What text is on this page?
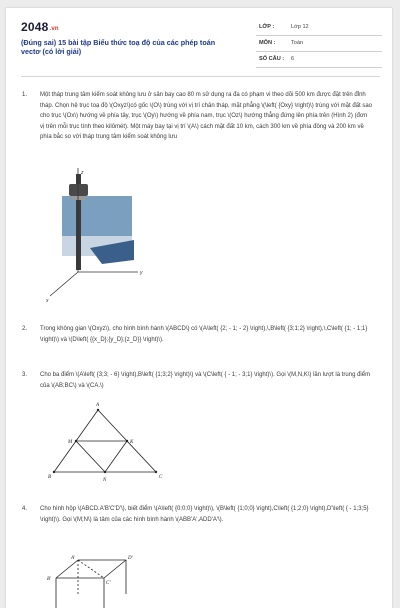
2048.vn
(Đúng sai) 15 bài tập Biểu thức toạ độ của các phép toán vectơ (có lời giải)
LỚP :	Lớp 12
MÔN :	Toán
SỐ CÂU : 6
1. Một tháp trung tâm kiểm soát không lưu ở sân bay cao 80 m sử dụng ra đa có phạm vi theo dõi 500 km được đặt trên đỉnh tháp. Chọn hệ trục toạ độ \(Oxyz\)có gốc \(O\) trùng với vị trí chân tháp, mặt phẳng \(\left( {Oxy} \right)\) trùng với mặt đất sao cho trục \(Ox\) hướng về phía tây, trục \(Oy\) hướng về phía nam, trục \(Oz\) hướng thẳng đứng lên phía trên (Hình 2) (đơn vị trên mỗi trục tính theo kilômét). Một máy bay tại vị trí \(A\) cách mặt đất 10 km, cách 300 km về phía đông và 200 km về phía bắc so với tháp trung tâm kiểm soát không lưu
z
y
x
2. Trong không gian \(Oxyz\), cho hình bình hành \(ABCD\) có \(A\left( {2; - 1; - 2} \right),\,B\left( {3;1;2} \right),\,C\left( {1; - 1;1} \right)\) và \(D\left( {{x_D};{y_D};{z_D}} \right)\).
3. Cho ba điểm \(A\left( {3;3; - 6} \right),B\left( {1;3;2} \right)\) và \(C\left( { - 1; - 3;1} \right)\). Gọi \(M,N,K\) lần lượt là trung điểm của \(AB;BC\) và \(CA.\)
A
M	K
B
N
C
4. Cho hình hộp \(ABCD.A'B'C'D'\), biết điểm \(A\left( {0;0;0} \right)\), \(B\left( {1;0;0} \right),C\left( {1;2;0} \right),D'\left( { - 1;3;5} \right)\). Gọi \(M;N\) là tâm của các hình bình hành \(ABB'A',ADD'A'\).
A'	D'
B'
C'
